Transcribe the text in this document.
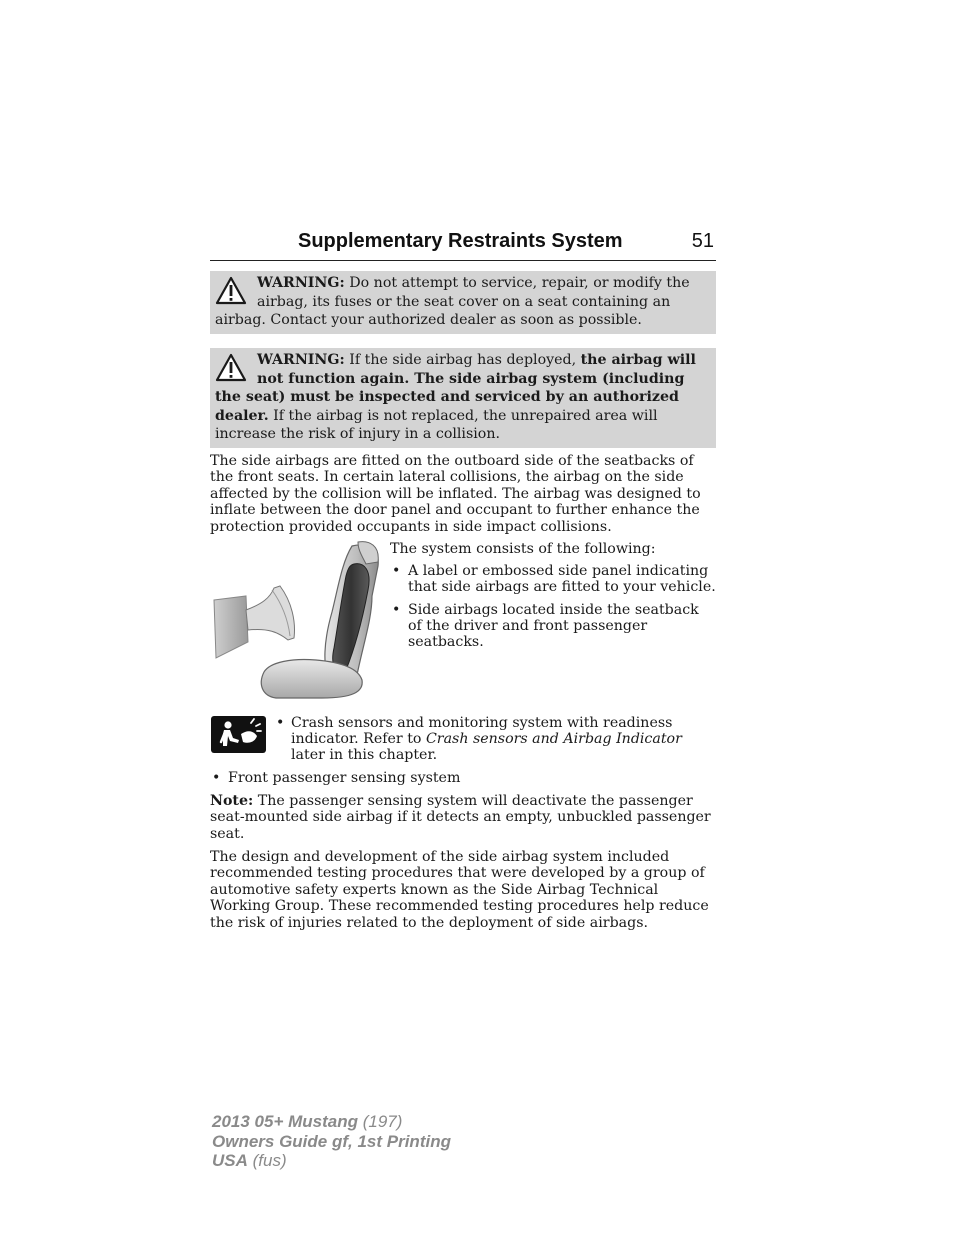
Supplementary Restraints System	51
WARNING: Do not attempt to service, repair, or modify the airbag, its fuses or the seat cover on a seat containing an airbag. Contact your authorized dealer as soon as possible.
WARNING: If the side airbag has deployed, the airbag will not function again. The side airbag system (including the seat) must be inspected and serviced by an authorized dealer. If the airbag is not replaced, the unrepaired area will increase the risk of injury in a collision.
The side airbags are fitted on the outboard side of the seatbacks of the front seats. In certain lateral collisions, the airbag on the side affected by the collision will be inflated. The airbag was designed to inflate between the door panel and occupant to further enhance the protection provided occupants in side impact collisions.
The system consists of the following:
• A label or embossed side panel indicating that side airbags are fitted to your vehicle.
• Side airbags located inside the seatback of the driver and front passenger seatbacks.
• Crash sensors and monitoring system with readiness indicator. Refer to Crash sensors and Airbag Indicator later in this chapter.
• Front passenger sensing system
Note: The passenger sensing system will deactivate the passenger seat-mounted side airbag if it detects an empty, unbuckled passenger seat.
The design and development of the side airbag system included recommended testing procedures that were developed by a group of automotive safety experts known as the Side Airbag Technical Working Group. These recommended testing procedures help reduce the risk of injuries related to the deployment of side airbags.
2013 05+ Mustang (197)
Owners Guide gf, 1st Printing
USA (fus)
